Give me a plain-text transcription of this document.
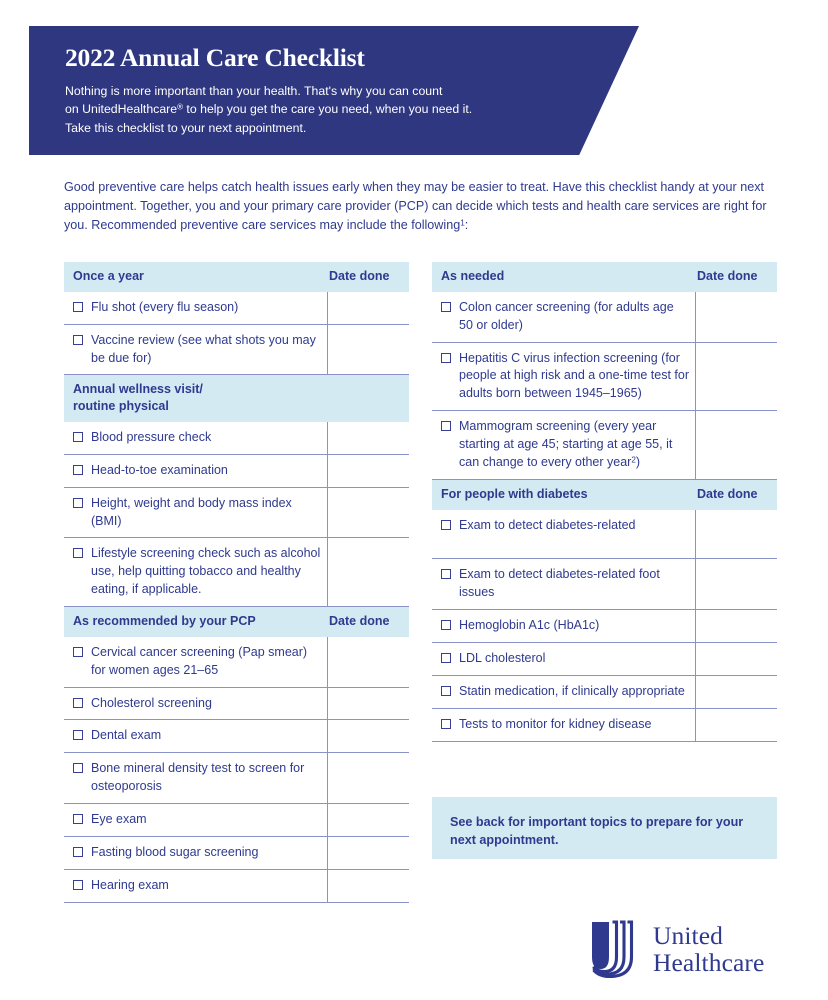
2022 Annual Care Checklist
Nothing is more important than your health. That's why you can count
on UnitedHealthcare® to help you get the care you need, when you need it.
Take this checklist to your next appointment.

Good preventive care helps catch health issues early when they may be easier to treat. Have this checklist handy at your next appointment. Together, you and your primary care provider (PCP) can decide which tests and health care services are right for you. Recommended preventive care services may include the following$^1$:

Once a year	Date done
Flu shot (every flu season)
Vaccine review (see what shots you may be due for)
Annual wellness visit/
routine physical
Blood pressure check
Head-to-toe examination
Height, weight and body mass index (BMI)
Lifestyle screening check such as alcohol use, help quitting tobacco and healthy eating, if applicable.
As recommended by your PCP	Date done
Cervical cancer screening (Pap smear) for women ages 21–65
Cholesterol screening
Dental exam
Bone mineral density test to screen for osteoporosis
Eye exam
Fasting blood sugar screening
Hearing exam
As needed	Date done
Colon cancer screening (for adults age 50 or older)
Hepatitis C virus infection screening (for people at high risk and a one-time test for adults born between 1945–1965)
Mammogram screening (every year starting at age 45; starting at age 55, it can change to every other year$^2$)
For people with diabetes	Date done
Exam to detect diabetes-related
Exam to detect diabetes-related foot issues
Hemoglobin A1c (HbA1c)
LDL cholesterol
Statin medication, if clinically appropriate
Tests to monitor for kidney disease
See back for important topics to prepare for your next appointment.
United
Healthcare
